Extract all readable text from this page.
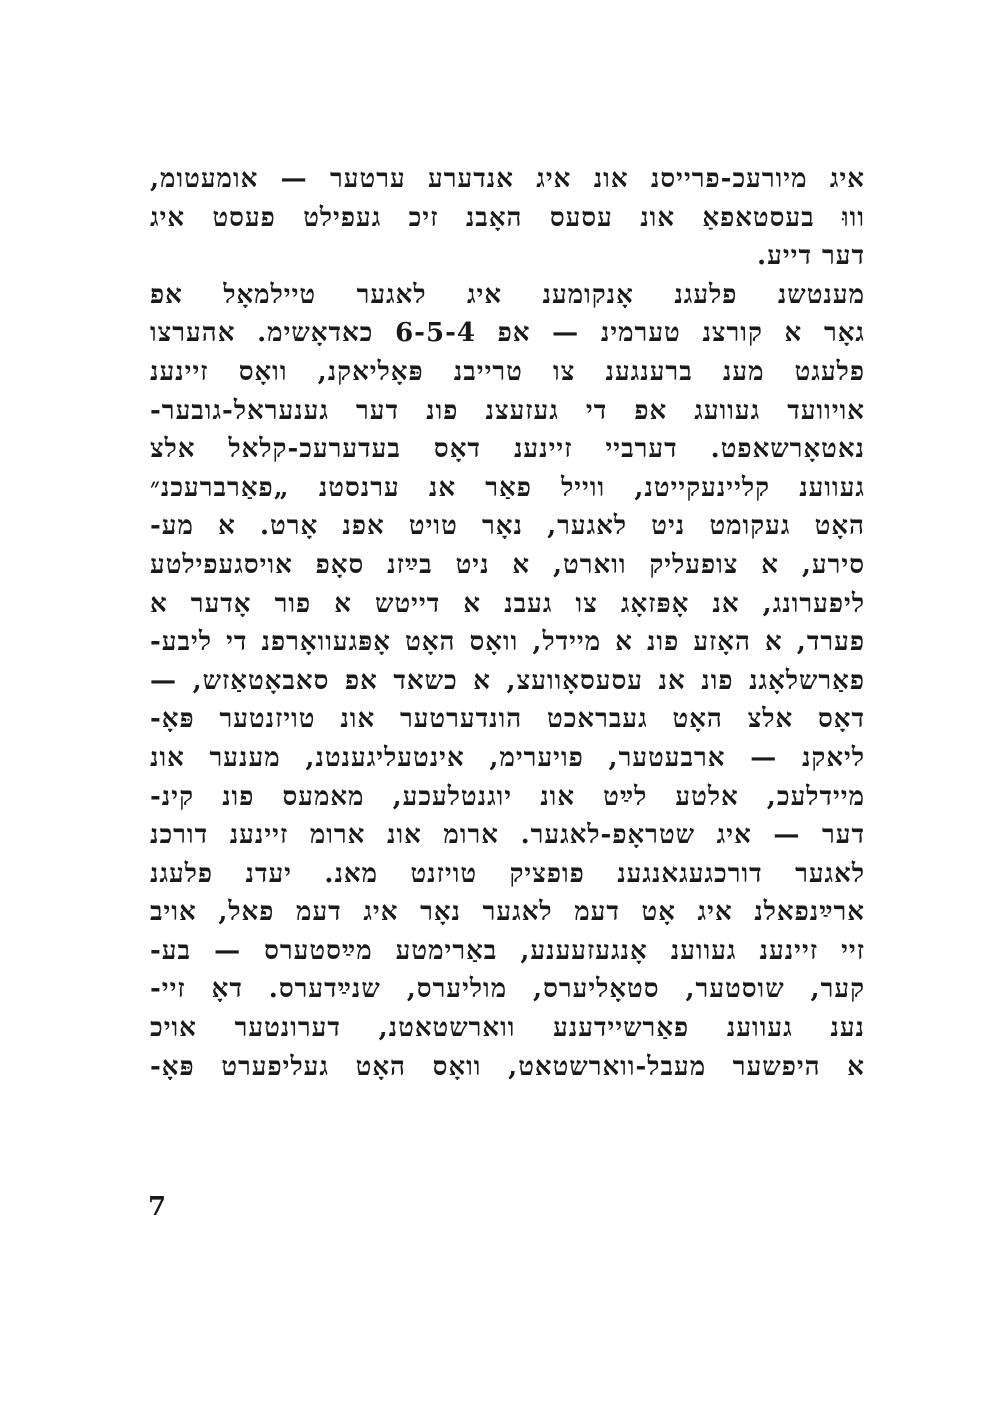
איג מיורעכ-פרייסנ אונ איג אנדערע ערטער — אומעטומ,
וווּ בעסטאפאַ אונ עסעס האָבנ זיכ געפילט פעסט איג
דער דייע.
מענטשנ פלעגנ אָנקומענ איג לאגער טיילמאָל אפ
גאָר א קורצנ טערמינ — אפ 6-5-4 כאדאָשימ. אהערצו
פלעגט מענ ברענגענ צו טרייבנ פּאָליאקנ, וואָס זיינענ
אויוועד געוועג אפ די געזעצנ פונ דער גענעראל-גובער-
נאטאָרשאפט. דערביי זיינענ דאָס בעדערעכ-קלאל אלצ
געווענ קליינעקייטנ, ווייל פאַר אנ ערנסטנ „פאַרברעכנ״
האָט געקומט ניט לאגער, נאָר טויט אפנ אָרט. א מע-
סירע, א צופעליק ווארט, א ניט בײַזנ סאָפ אויסגעפילטע
ליפערונג, אנ אָפּזאָג צו געבנ א דייטש א פור אָדער א
פערד, א האָזע פונ א מיידל, וואָס האָט אָפּגעוואָרפנ די ליבע-
פאַרשלאָגנ פונ אנ עסעסאָוועצ, א כשאד אפ סאבאָטאַזש, —
דאָס אלצ האָט געבראכט הונדערטער אונ טויזנטער פּאָ-
ליאקנ — ארבעטער, פויערימ, אינטעליגענטנ, מענער אונ
מיידלעכ, אלטע לײַט אונ יוגנטלעכע, מאמעס פונ קינ-
דער — איג שטראָפ-לאגער. ארומ אונ ארומ זיינענ דורכנ
לאגער דורכגעגאנגענ פופציק טויזנט מאנ. יעדנ פלעגנ
ארײַנפאלנ איג אָט דעמ לאגער נאָר איג דעמ פאל, אויב
זיי זיינענ געווענ אָנגעזעענע, באַרימטע מײַסטערס — בע-
קער, שוסטער, סטאָליערס, מוליערס, שנײַדערס. דאָ זיי-
נענ געווענ פאַרשיידענע ווארשטאטנ, דערונטער אויכ
א היפשער מעבל-ווארשטאט, וואָס האָט געליפערט פּאָ-
7
